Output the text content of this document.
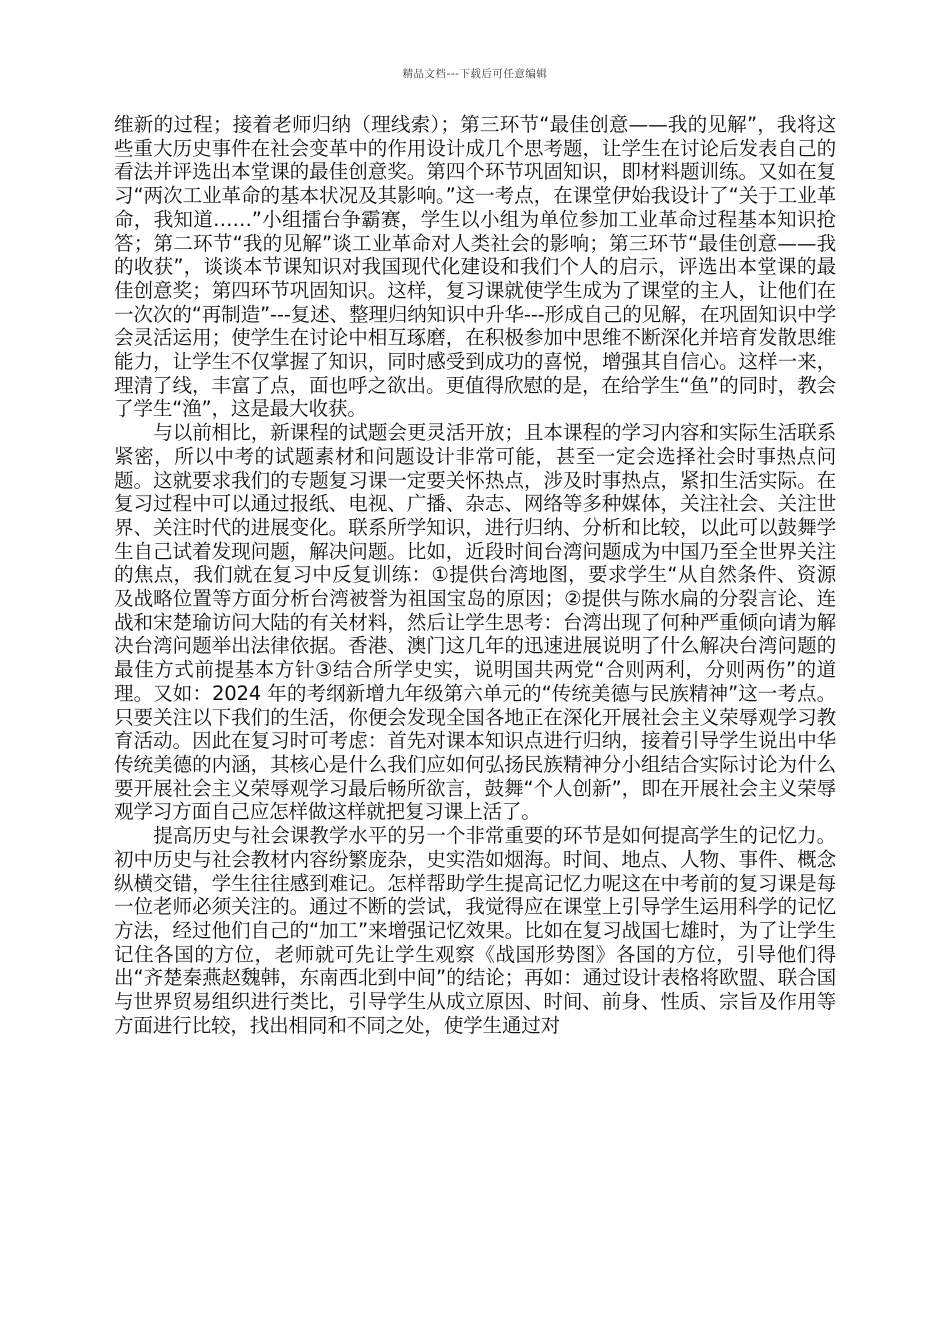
精品文档---下载后可任意编辑

维新的过程；接着老师归纳（理线索）；第三环节“最佳创意——我的见解”，我将这些重大历史事件在社会变革中的作用设计成几个思考题，让学生在讨论后发表自己的看法并评选出本堂课的最佳创意奖。第四个环节巩固知识，即材料题训练。又如在复习“两次工业革命的基本状况及其影响。”这一考点，在课堂伊始我设计了“关于工业革命，我知道……”小组擂台争霸赛，学生以小组为单位参加工业革命过程基本知识抢答；第二环节“我的见解”谈工业革命对人类社会的影响；第三环节“最佳创意——我的收获”，谈谈本节课知识对我国现代化建设和我们个人的启示，评选出本堂课的最佳创意奖；第四环节巩固知识。这样，复习课就使学生成为了课堂的主人，让他们在一次次的“再制造”---复述、整理归纳知识中升华---形成自己的见解，在巩固知识中学会灵活运用；使学生在讨论中相互琢磨，在积极参加中思维不断深化并培育发散思维能力，让学生不仅掌握了知识，同时感受到成功的喜悦，增强其自信心。这样一来，理清了线，丰富了点，面也呼之欲出。更值得欣慰的是，在给学生“鱼”的同时，教会了学生“渔”，这是最大收获。

与以前相比，新课程的试题会更灵活开放；且本课程的学习内容和实际生活联系紧密，所以中考的试题素材和问题设计非常可能，甚至一定会选择社会时事热点问题。这就要求我们的专题复习课一定要关怀热点，涉及时事热点，紧扣生活实际。在复习过程中可以通过报纸、电视、广播、杂志、网络等多种媒体，关注社会、关注世界、关注时代的进展变化。联系所学知识，进行归纳、分析和比较，以此可以鼓舞学生自己试着发现问题，解决问题。比如，近段时间台湾问题成为中国乃至全世界关注的焦点，我们就在复习中反复训练：①提供台湾地图，要求学生“从自然条件、资源及战略位置等方面分析台湾被誉为祖国宝岛的原因；②提供与陈水扁的分裂言论、连战和宋楚瑜访问大陆的有关材料，然后让学生思考：台湾出现了何种严重倾向请为解决台湾问题举出法律依据。香港、澳门这几年的迅速进展说明了什么解决台湾问题的最佳方式前提基本方针③结合所学史实，说明国共两党“合则两利，分则两伤”的道理。又如：2024 年的考纲新增九年级第六单元的“传统美德与民族精神”这一考点。只要关注以下我们的生活，你便会发现全国各地正在深化开展社会主义荣辱观学习教育活动。因此在复习时可考虑：首先对课本知识点进行归纳，接着引导学生说出中华传统美德的内涵，其核心是什么我们应如何弘扬民族精神分小组结合实际讨论为什么要开展社会主义荣辱观学习最后畅所欲言，鼓舞“个人创新”，即在开展社会主义荣辱观学习方面自己应怎样做这样就把复习课上活了。

提高历史与社会课教学水平的另一个非常重要的环节是如何提高学生的记忆力。初中历史与社会教材内容纷繁庞杂，史实浩如烟海。时间、地点、人物、事件、概念纵横交错，学生往往感到难记。怎样帮助学生提高记忆力呢这在中考前的复习课是每一位老师必须关注的。通过不断的尝试，我觉得应在课堂上引导学生运用科学的记忆方法，经过他们自己的“加工”来增强记忆效果。比如在复习战国七雄时，为了让学生记住各国的方位，老师就可先让学生观察《战国形势图》各国的方位，引导他们得出“齐楚秦燕赵魏韩，东南西北到中间”的结论；再如：通过设计表格将欧盟、联合国与世界贸易组织进行类比，引导学生从成立原因、时间、前身、性质、宗旨及作用等方面进行比较，找出相同和不同之处，使学生通过对
